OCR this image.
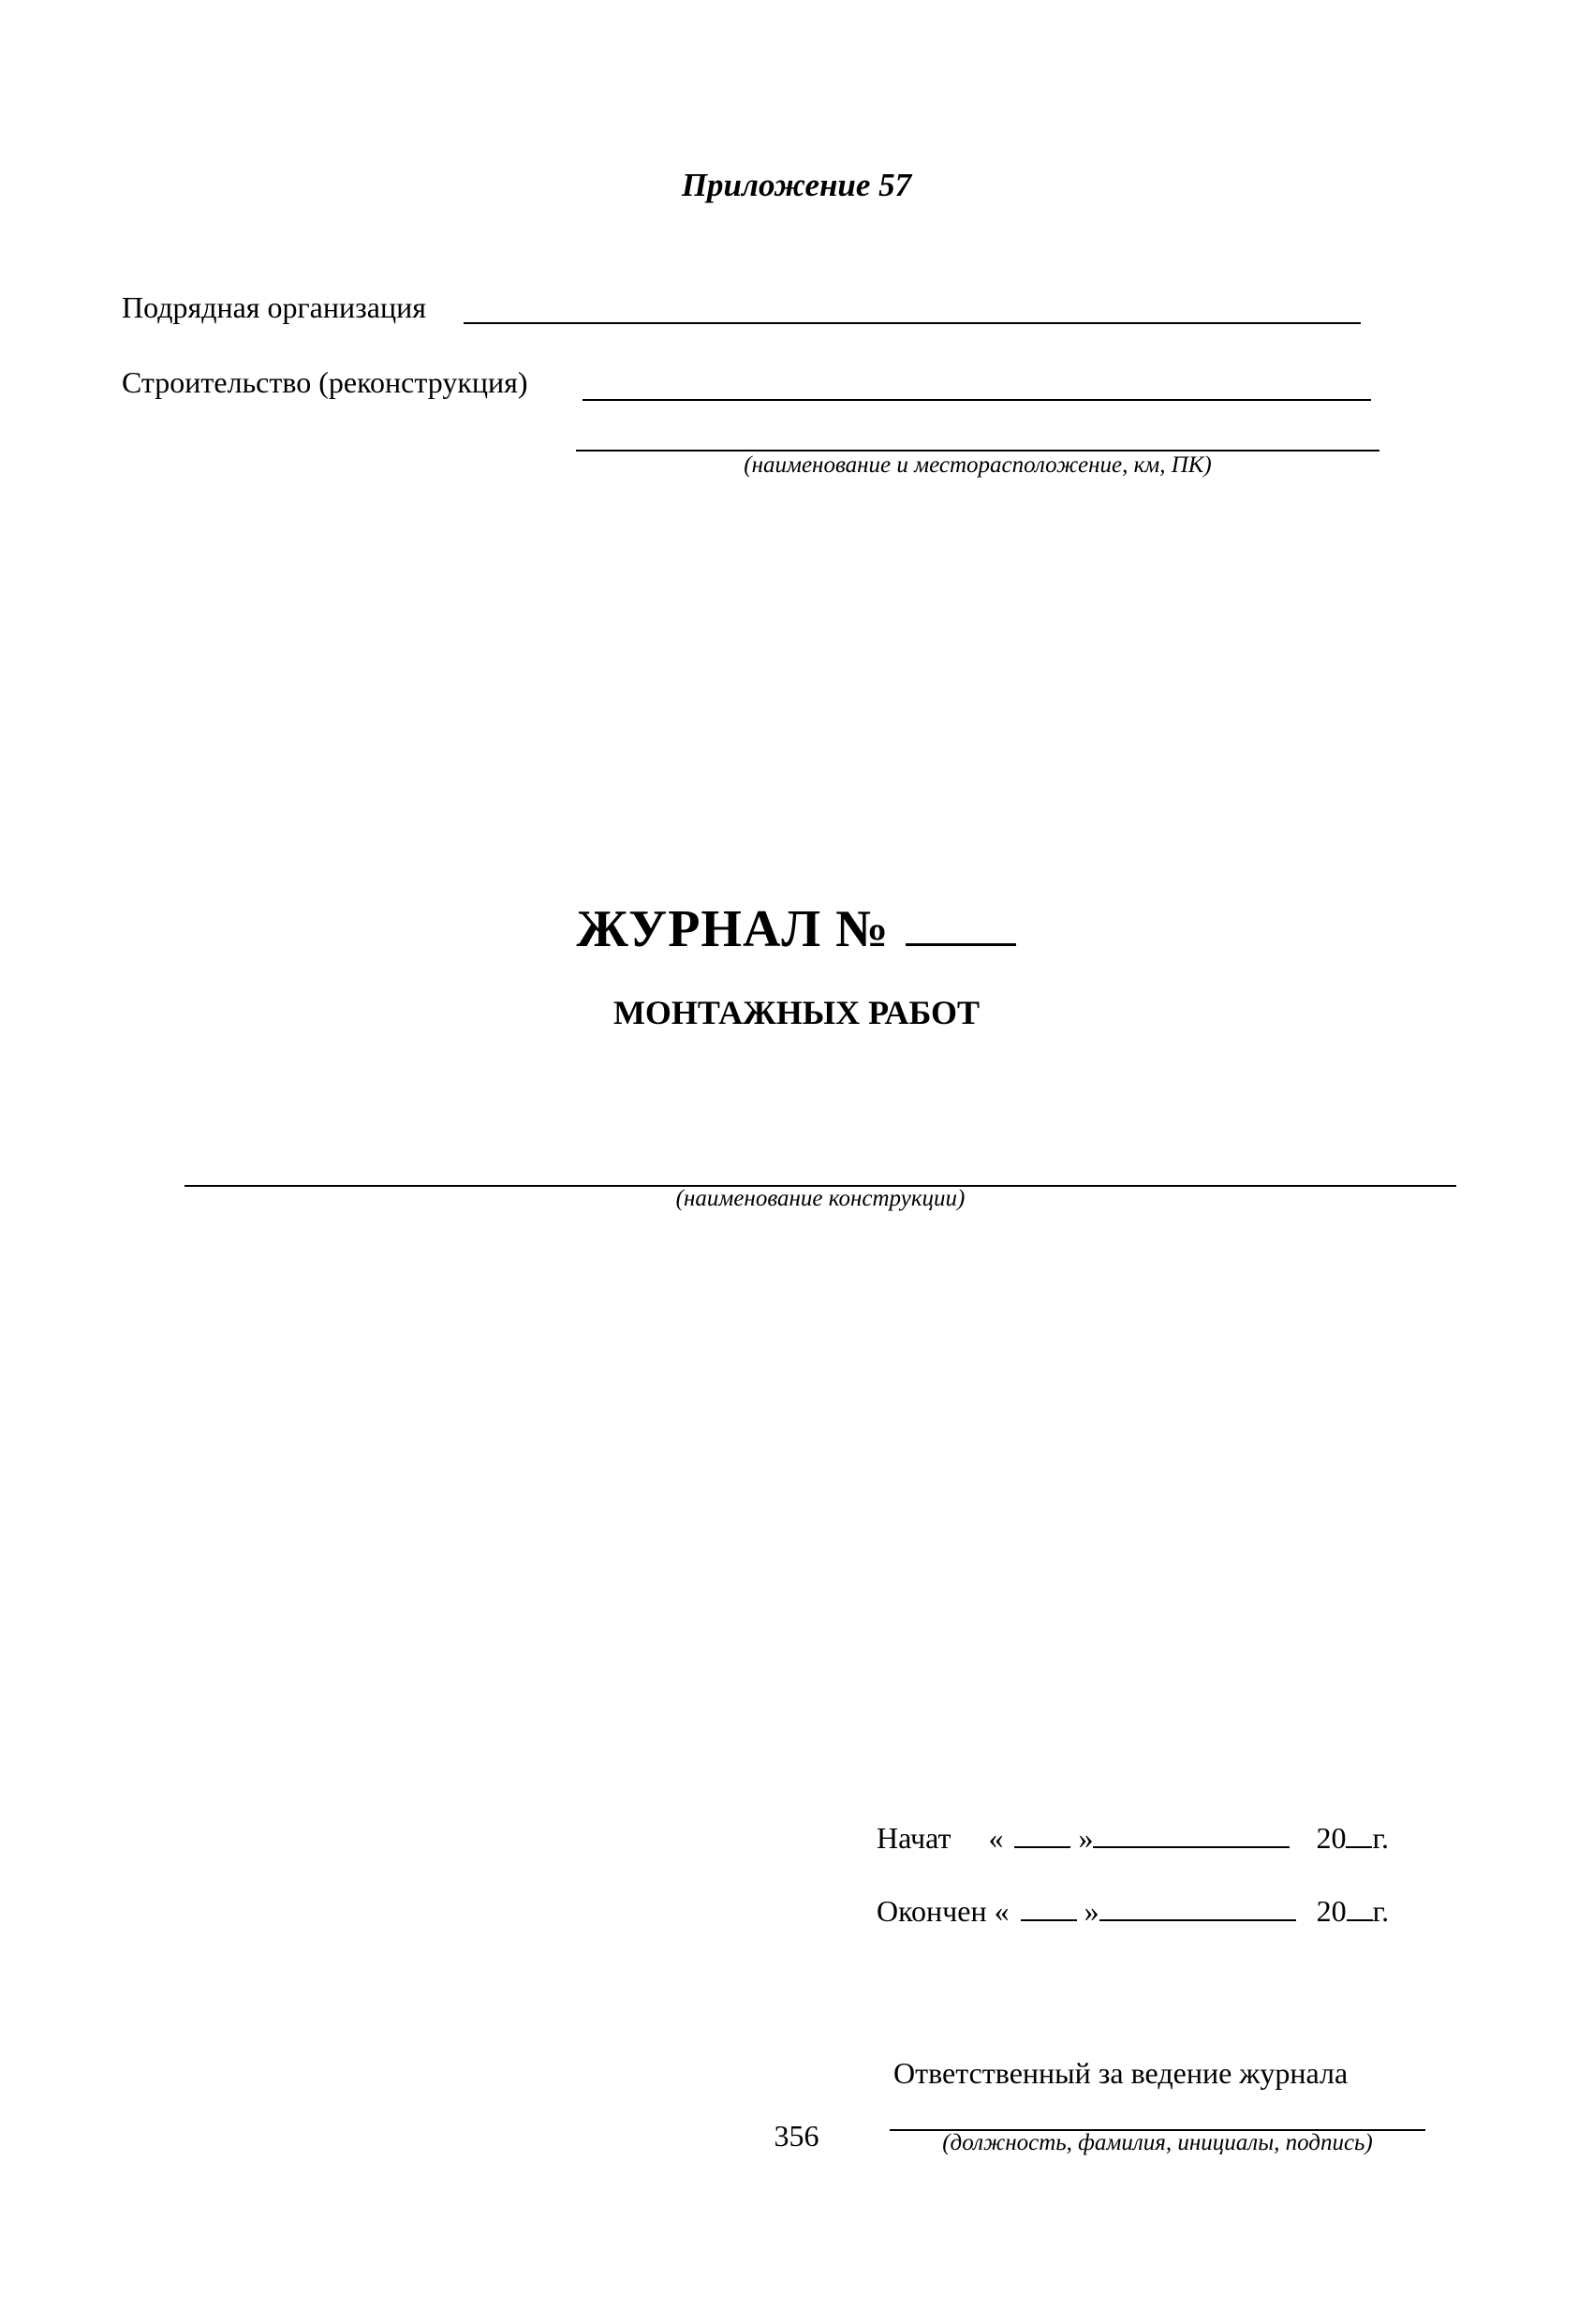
Приложение 57
Подрядная организация
Строительство (реконструкция)
(наименование и месторасположение, км, ПК)
ЖУРНАЛ №
МОНТАЖНЫХ РАБОТ
(наименование конструкции)
Начат «	»	20 г.
Окончен «	»	20 г.
Ответственный за ведение журнала
(должность, фамилия, инициалы, подпись)
356
